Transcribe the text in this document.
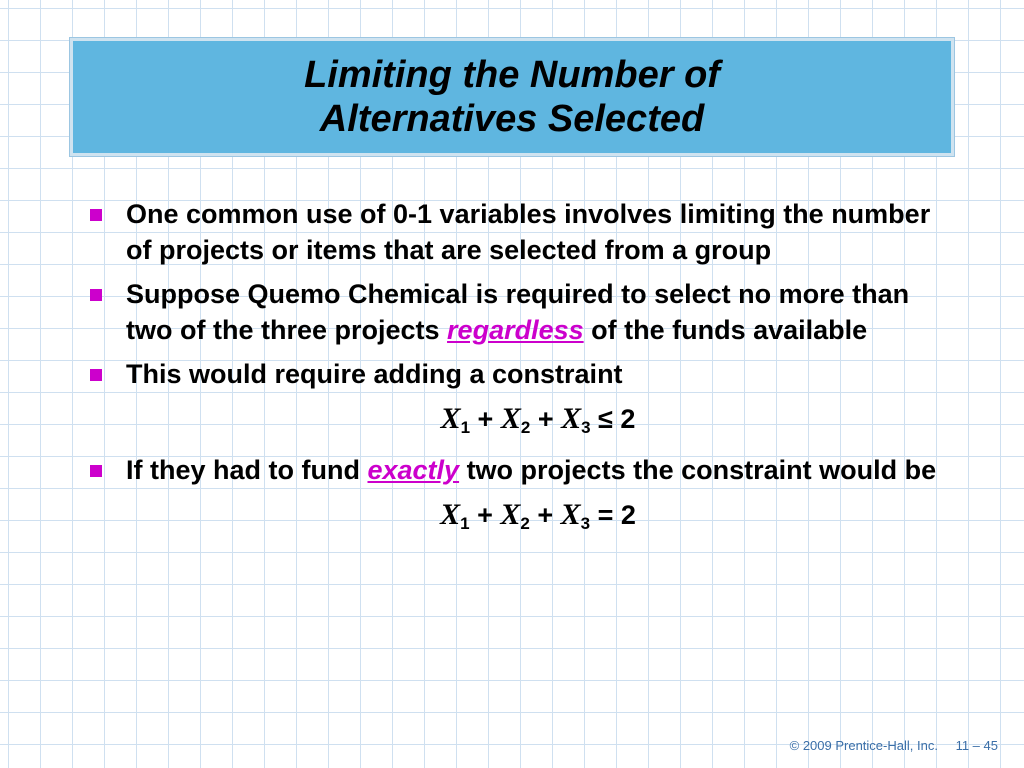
Limiting the Number of
Alternatives Selected
One common use of 0-1 variables involves limiting the number of projects or items that are selected from a group
Suppose Quemo Chemical is required to select no more than two of the three projects regardless of the funds available
This would require adding a constraint
X1 + X2 + X3 ≤ 2
If they had to fund exactly two projects the constraint would be
X1 + X2 + X3 = 2
© 2009 Prentice-Hall, Inc. 11 – 45
